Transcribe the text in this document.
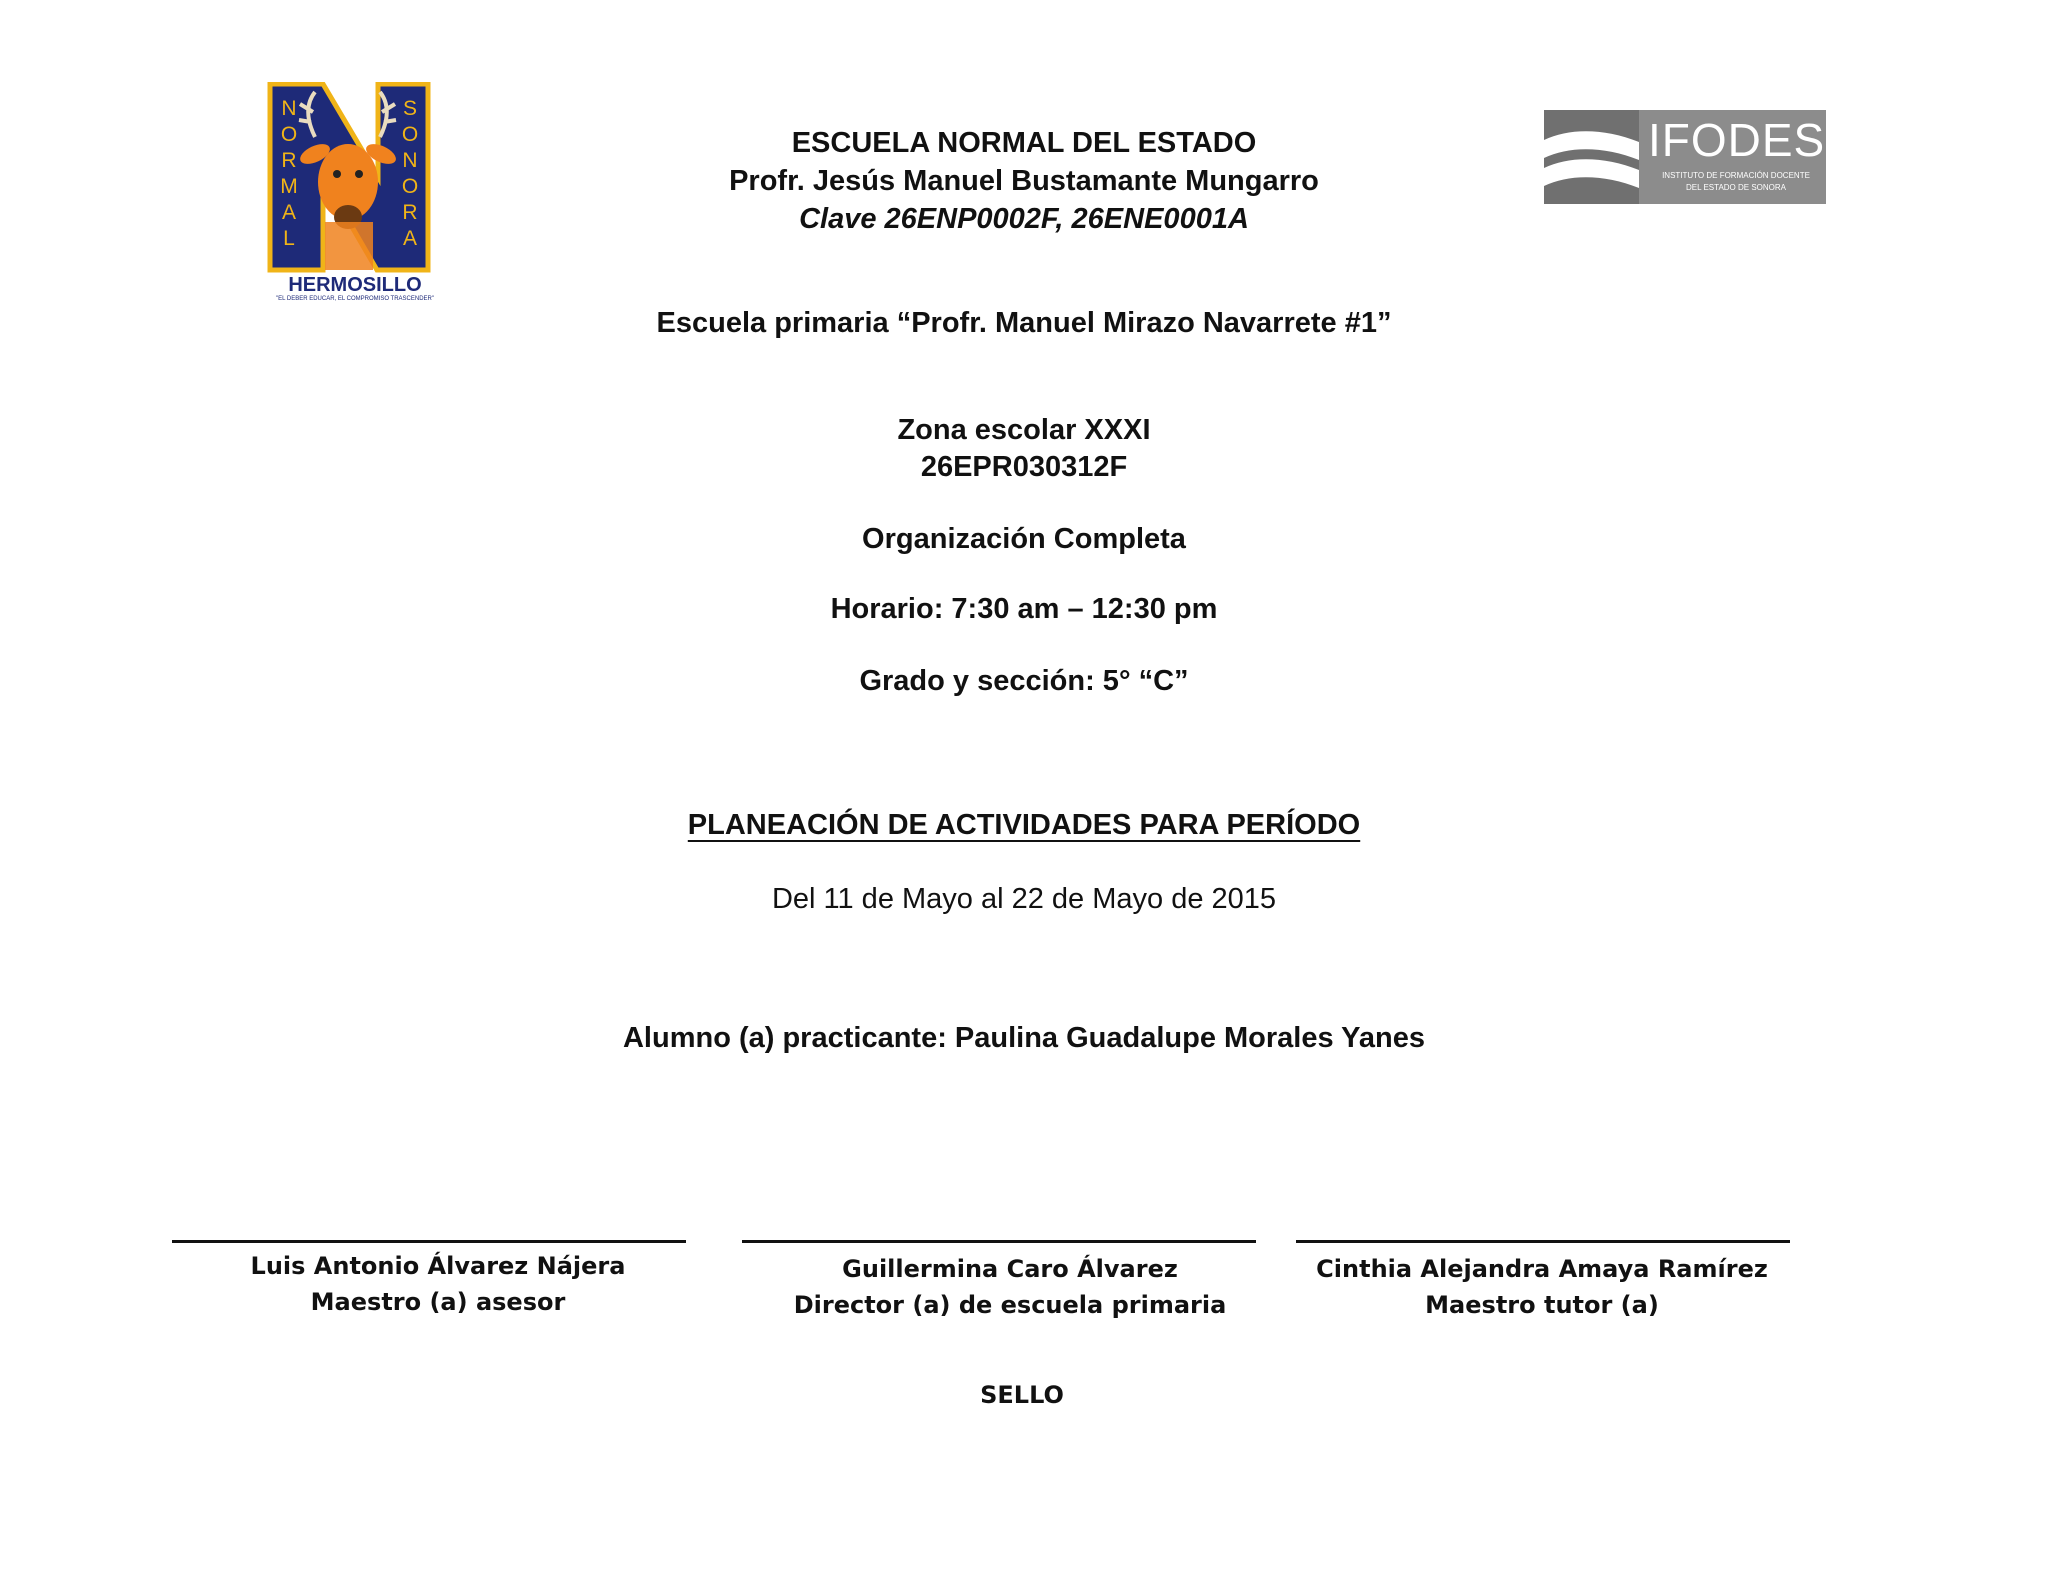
N
O
R
M
A
L
S
O
N
O
R
A
HERMOSILLO
"EL DEBER EDUCAR, EL COMPROMISO TRASCENDER"
IFODES
INSTITUTO DE FORMACIÓN DOCENTE
DEL ESTADO DE SONORA
ESCUELA NORMAL DEL ESTADO
Profr. Jesús Manuel Bustamante Mungarro
Clave 26ENP0002F, 26ENE0001A
Escuela primaria “Profr. Manuel Mirazo Navarrete #1”
Zona escolar XXXI
26EPR030312F
Organización Completa
Horario: 7:30 am – 12:30 pm
Grado y sección: 5° “C”
PLANEACIÓN DE ACTIVIDADES PARA PERÍODO
Del 11 de Mayo al 22 de Mayo de 2015
Alumno (a) practicante: Paulina Guadalupe Morales Yanes
Luis Antonio Álvarez Nájera
Maestro (a) asesor
Guillermina Caro Álvarez
Director (a) de escuela primaria
Cinthia Alejandra Amaya Ramírez
Maestro tutor (a)
SELLO
